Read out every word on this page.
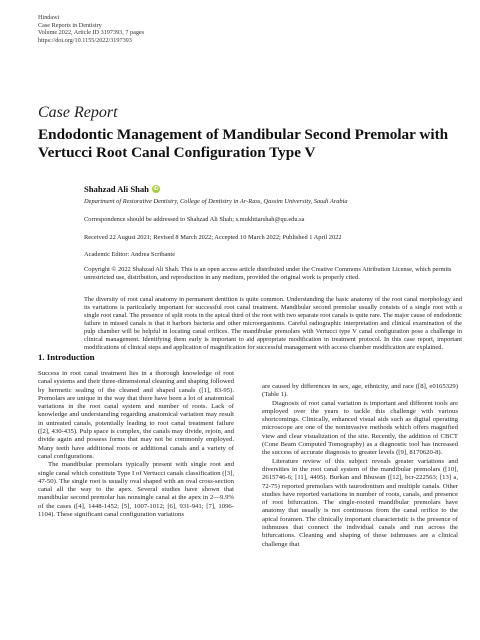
Hindawi
Case Reports in Dentistry
Volume 2022, Article ID 3197393, 7 pages
https://doi.org/10.1155/2022/3197393
Case Report
Endodontic Management of Mandibular Second Premolar with Vertucci Root Canal Configuration Type V
Shahzad Ali Shah iD
Department of Restorative Dentistry, College of Dentistry in Ar-Rass, Qassim University, Saudi Arabia
Correspondence should be addressed to Shahzad Ali Shah; s.mukhtiarshah@qu.edu.sa
Received 22 August 2021; Revised 8 March 2022; Accepted 10 March 2022; Published 1 April 2022
Academic Editor: Andrea Scribante
Copyright © 2022 Shahzad Ali Shah. This is an open access article distributed under the Creative Commons Attribution License, which permits unrestricted use, distribution, and reproduction in any medium, provided the original work is properly cited.
The diversity of root canal anatomy in permanent dentition is quite common. Understanding the basic anatomy of the root canal morphology and its variations is particularly important for successful root canal treatment. Mandibular second premolar usually consists of a single root with a single root canal. The presence of split roots in the apical third of the root with two separate root canals is quite rare. The major cause of endodontic failure in missed canals is that it harbors bacteria and other microorganisms. Careful radiographic interpretation and clinical examination of the pulp chamber will be helpful in locating canal orifices. The mandibular premolars with Vertucci type V canal configuration pose a challenge in clinical management. Identifying them early is important to aid appropriate modification in treatment protocol. In this case report, important modifications of clinical steps and application of magnification for successful management with access chamber modification are explained.
1. Introduction

Success in root canal treatment lies in a thorough knowledge of root canal systems and their three-dimensional cleaning and shaping followed by hermetic sealing of the cleaned and shaped canals ([1], 83-95). Premolars are unique in the way that there have been a lot of anatomical variations in the root canal system and number of roots. Lack of knowledge and understanding regarding anatomical variation may result in untreated canals, potentially leading to root canal treatment failure ([2], 430-435). Pulp space is complex, the canals may divide, rejoin, and divide again and possess forms that may not be commonly employed. Many teeth have additional roots or additional canals and a variety of canal configurations.

The mandibular premolars typically present with single root and single canal which constitute Type I of Vertucci canals classification ([3], 47-50). The single root is usually oval shaped with an oval cross-section canal all the way to the apex. Several studies have shown that mandibular second premolar has nonsingle canal at the apex in 2—9.9% of the cases ([4], 1448-1452; [5], 1007-1012; [6], 931-941; [7], 1096-1104). These significant canal configuration variations

are caused by differences in sex, age, ethnicity, and race ([8], e0165329) (Table 1).

Diagnosis of root canal variation is important and different tools are employed over the years to tackle this challenge with various shortcomings. Clinically, enhanced visual aids such as digital operating microscope are one of the noninvasive methods which offers magnified view and clear visualization of the site. Recently, the addition of CBCT (Cone Beam Computed Tomography) as a diagnostic tool has increased the success of accurate diagnosis to greater levels ([9], 8170620-8).

Literature review of this subject reveals greater variations and diversities in the root canal system of the mandibular premolars ([10], 2615746-6; [11], 4495). Burkan and Bhuwan ([12], bcr-222563; [13] a, 72-75) reported premolars with taurodontism and multiple canals. Other studies have reported variations in number of roots, canals, and presence of root bifurcation. The single-rooted mandibular premolars have anatomy that usually is not continuous from the canal orifice to the apical foramen. The clinically important characteristic is the presence of isthmuses that connect the individual canals and run across the bifurcations. Cleaning and shaping of these isthmuses are a clinical challenge that
